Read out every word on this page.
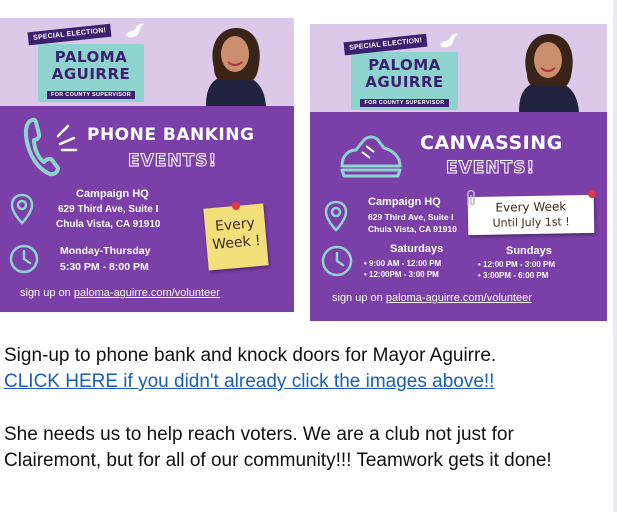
SPECIAL ELECTION!
PALOMA
AGUIRRE
FOR COUNTY SUPERVISOR
PHONE BANKING
EVENTS!
Campaign HQ
629 Third Ave, Suite I
Chula Vista, CA 91910
Monday-Thursday
5:30 PM - 8:00 PM
Every
Week !
sign up on paloma-aguirre.com/volunteer
SPECIAL ELECTION!
PALOMA
AGUIRRE
FOR COUNTY SUPERVISOR
CANVASSING
EVENTS!
Campaign HQ
629 Third Ave, Suite I
Chula Vista, CA 91910
Every Week
Until July 1st !
Saturdays
• 9:00 AM - 12:00 PM
• 12:00PM - 3:00 PM
Sundays
• 12:00 PM - 3:00 PM
• 3:00PM - 6:00 PM
sign up on paloma-aguirre.com/volunteer
Sign-up to phone bank and knock doors for Mayor Aguirre.
CLICK HERE if you didn't already click the images above!!
She needs us to help reach voters. We are a club not just for Clairemont, but for all of our community!!! Teamwork gets it done!
